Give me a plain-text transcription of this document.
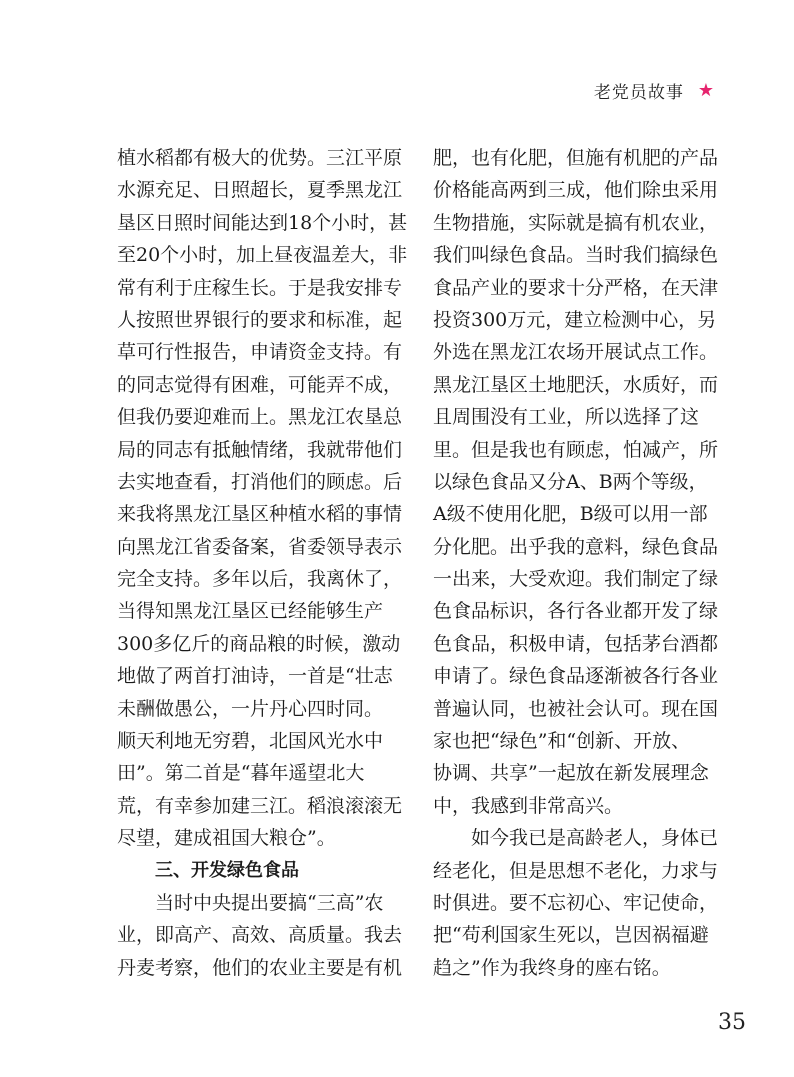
老党员故事 ★
植水稻都有极大的优势。三江平原
水源充足、日照超长，夏季黑龙江
垦区日照时间能达到18个小时，甚
至20个小时，加上昼夜温差大，非
常有利于庄稼生长。于是我安排专
人按照世界银行的要求和标准，起
草可行性报告，申请资金支持。有
的同志觉得有困难，可能弄不成，
但我仍要迎难而上。黑龙江农垦总
局的同志有抵触情绪，我就带他们
去实地查看，打消他们的顾虑。后
来我将黑龙江垦区种植水稻的事情
向黑龙江省委备案，省委领导表示
完全支持。多年以后，我离休了，
当得知黑龙江垦区已经能够生产
300多亿斤的商品粮的时候，激动
地做了两首打油诗，一首是“壮志
未酬做愚公，一片丹心四时同。
顺天利地无穷碧，北国风光水中
田”。第二首是“暮年遥望北大
荒，有幸参加建三江。稻浪滚滚无
尽望，建成祖国大粮仓”。
三、开发绿色食品
当时中央提出要搞“三高”农
业，即高产、高效、高质量。我去
丹麦考察，他们的农业主要是有机
肥，也有化肥，但施有机肥的产品
价格能高两到三成，他们除虫采用
生物措施，实际就是搞有机农业，
我们叫绿色食品。当时我们搞绿色
食品产业的要求十分严格，在天津
投资300万元，建立检测中心，另
外选在黑龙江农场开展试点工作。
黑龙江垦区土地肥沃，水质好，而
且周围没有工业，所以选择了这
里。但是我也有顾虑，怕减产，所
以绿色食品又分A、B两个等级，
A级不使用化肥，B级可以用一部
分化肥。出乎我的意料，绿色食品
一出来，大受欢迎。我们制定了绿
色食品标识，各行各业都开发了绿
色食品，积极申请，包括茅台酒都
申请了。绿色食品逐渐被各行各业
普遍认同，也被社会认可。现在国
家也把“绿色”和“创新、开放、
协调、共享”一起放在新发展理念
中，我感到非常高兴。
如今我已是高龄老人，身体已
经老化，但是思想不老化，力求与
时俱进。要不忘初心、牢记使命，
把“苟利国家生死以，岂因祸福避
趋之”作为我终身的座右铭。
35
